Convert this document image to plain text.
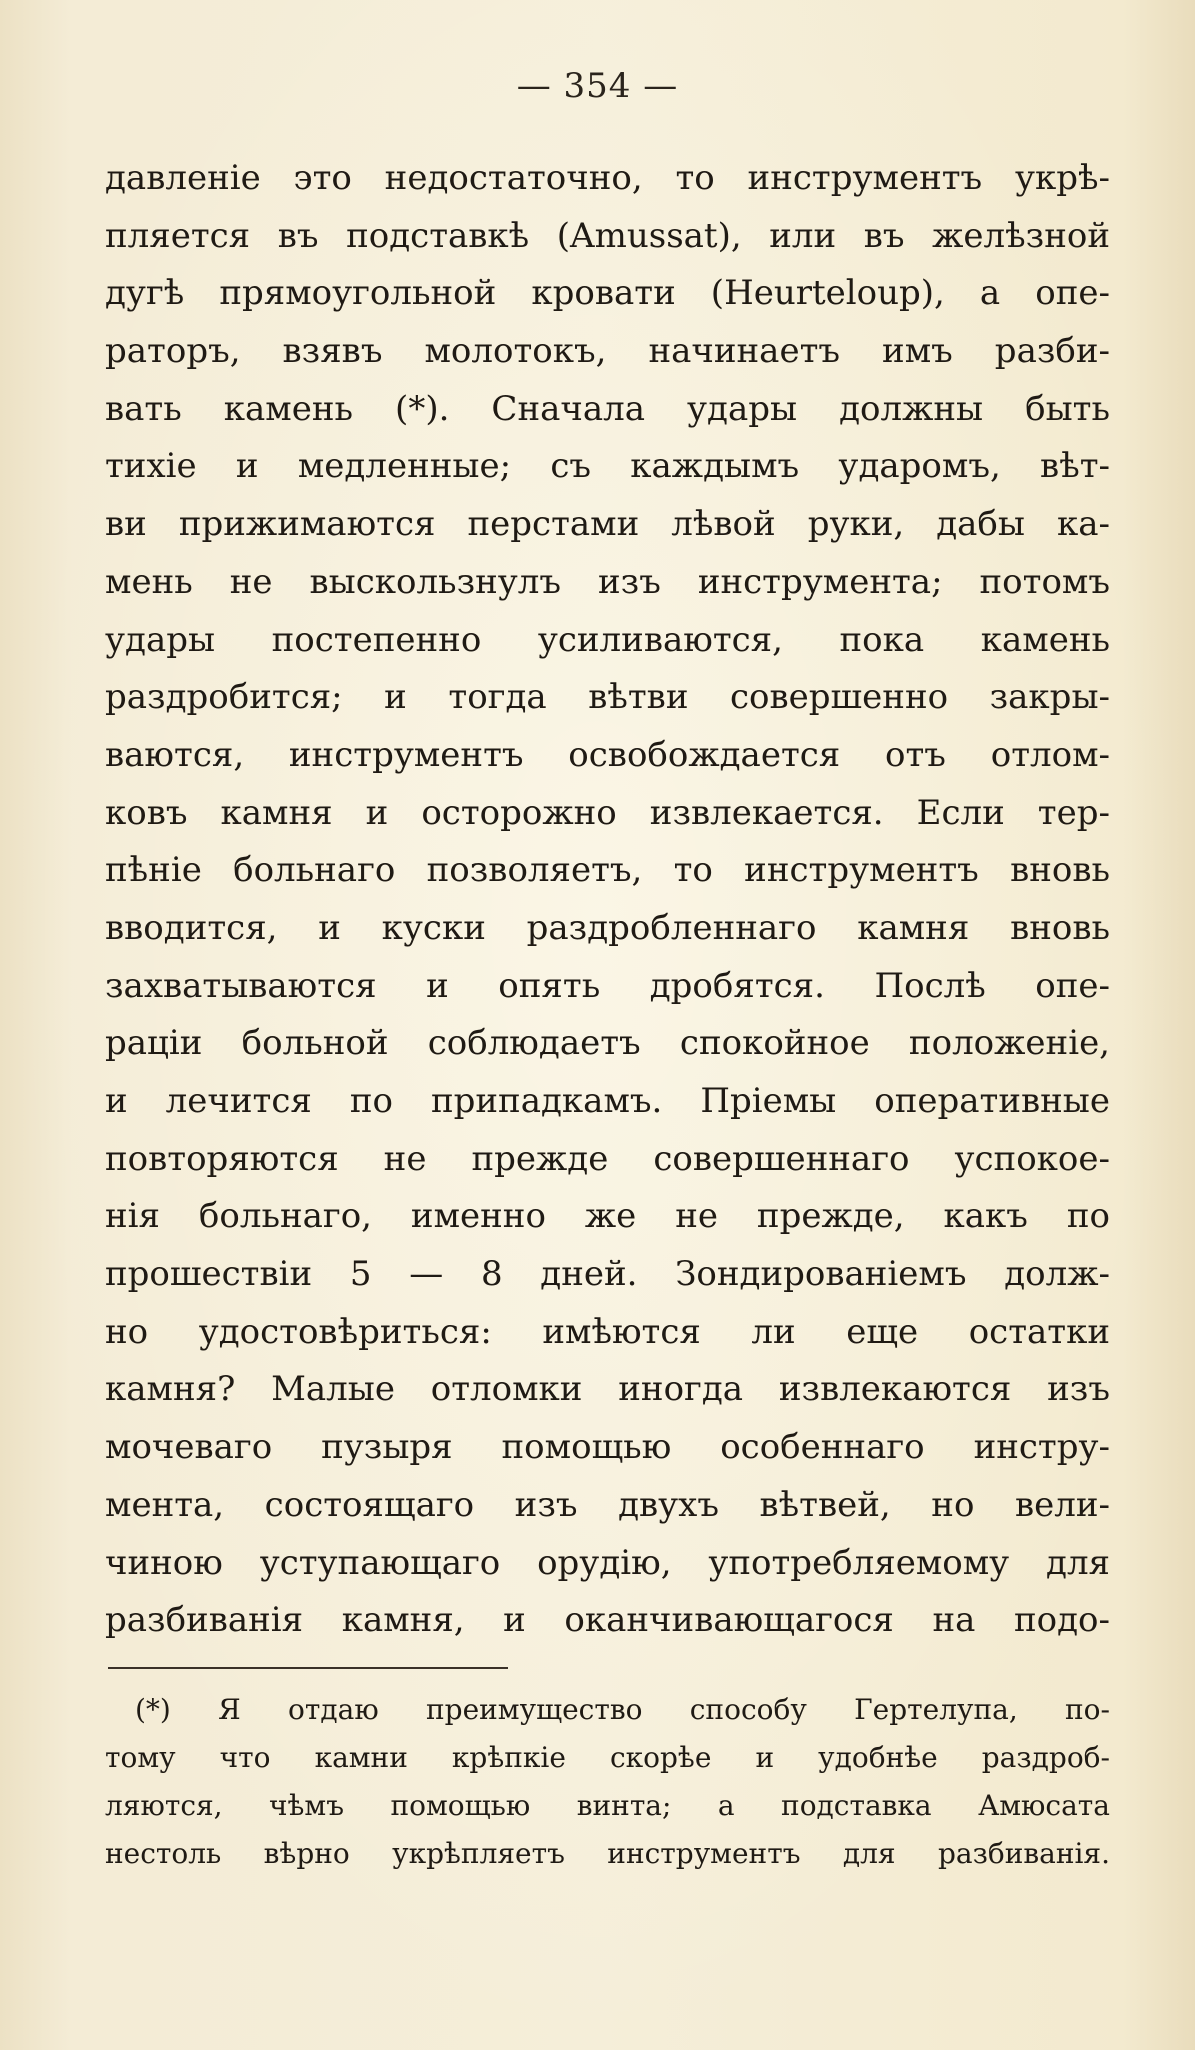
— 354 —
давленіе это недостаточно, то инструментъ укрѣ-
пляется въ подставкѣ (Amussat), или въ желѣзной
дугѣ прямоугольной кровати (Heurteloup), а опе-
раторъ, взявъ молотокъ, начинаетъ имъ разби-
вать камень (*). Сначала удары должны быть
тихіе и медленные; съ каждымъ ударомъ, вѣт-
ви прижимаются перстами лѣвой руки, дабы ка-
мень не выскользнулъ изъ инструмента; потомъ
удары постепенно усиливаются, пока камень
раздробится; и тогда вѣтви совершенно закры-
ваются, инструментъ освобождается отъ отлом-
ковъ камня и осторожно извлекается. Если тер-
пѣніе больнаго позволяетъ, то инструментъ вновь
вводится, и куски раздробленнаго камня вновь
захватываются и опять дробятся. Послѣ опе-
раціи больной соблюдаетъ спокойное положеніе,
и лечится по припадкамъ. Пріемы оперативные
повторяются не прежде совершеннаго успокое-
нія больнаго, именно же не прежде, какъ по
прошествіи 5 — 8 дней. Зондированіемъ долж-
но удостовѣриться: имѣются ли еще остатки
камня? Малые отломки иногда извлекаются изъ
мочеваго пузыря помощью особеннаго инстру-
мента, состоящаго изъ двухъ вѣтвей, но вели-
чиною уступающаго орудію, употребляемому для
разбиванія камня, и оканчивающагося на подо-
(*) Я отдаю преимущество способу Гертелупа, по-
тому что камни крѣпкіе скорѣе и удобнѣе раздроб-
ляются, чѣмъ помощью винта; а подставка Амюсата
нестоль вѣрно укрѣпляетъ инструментъ для разбиванія.
